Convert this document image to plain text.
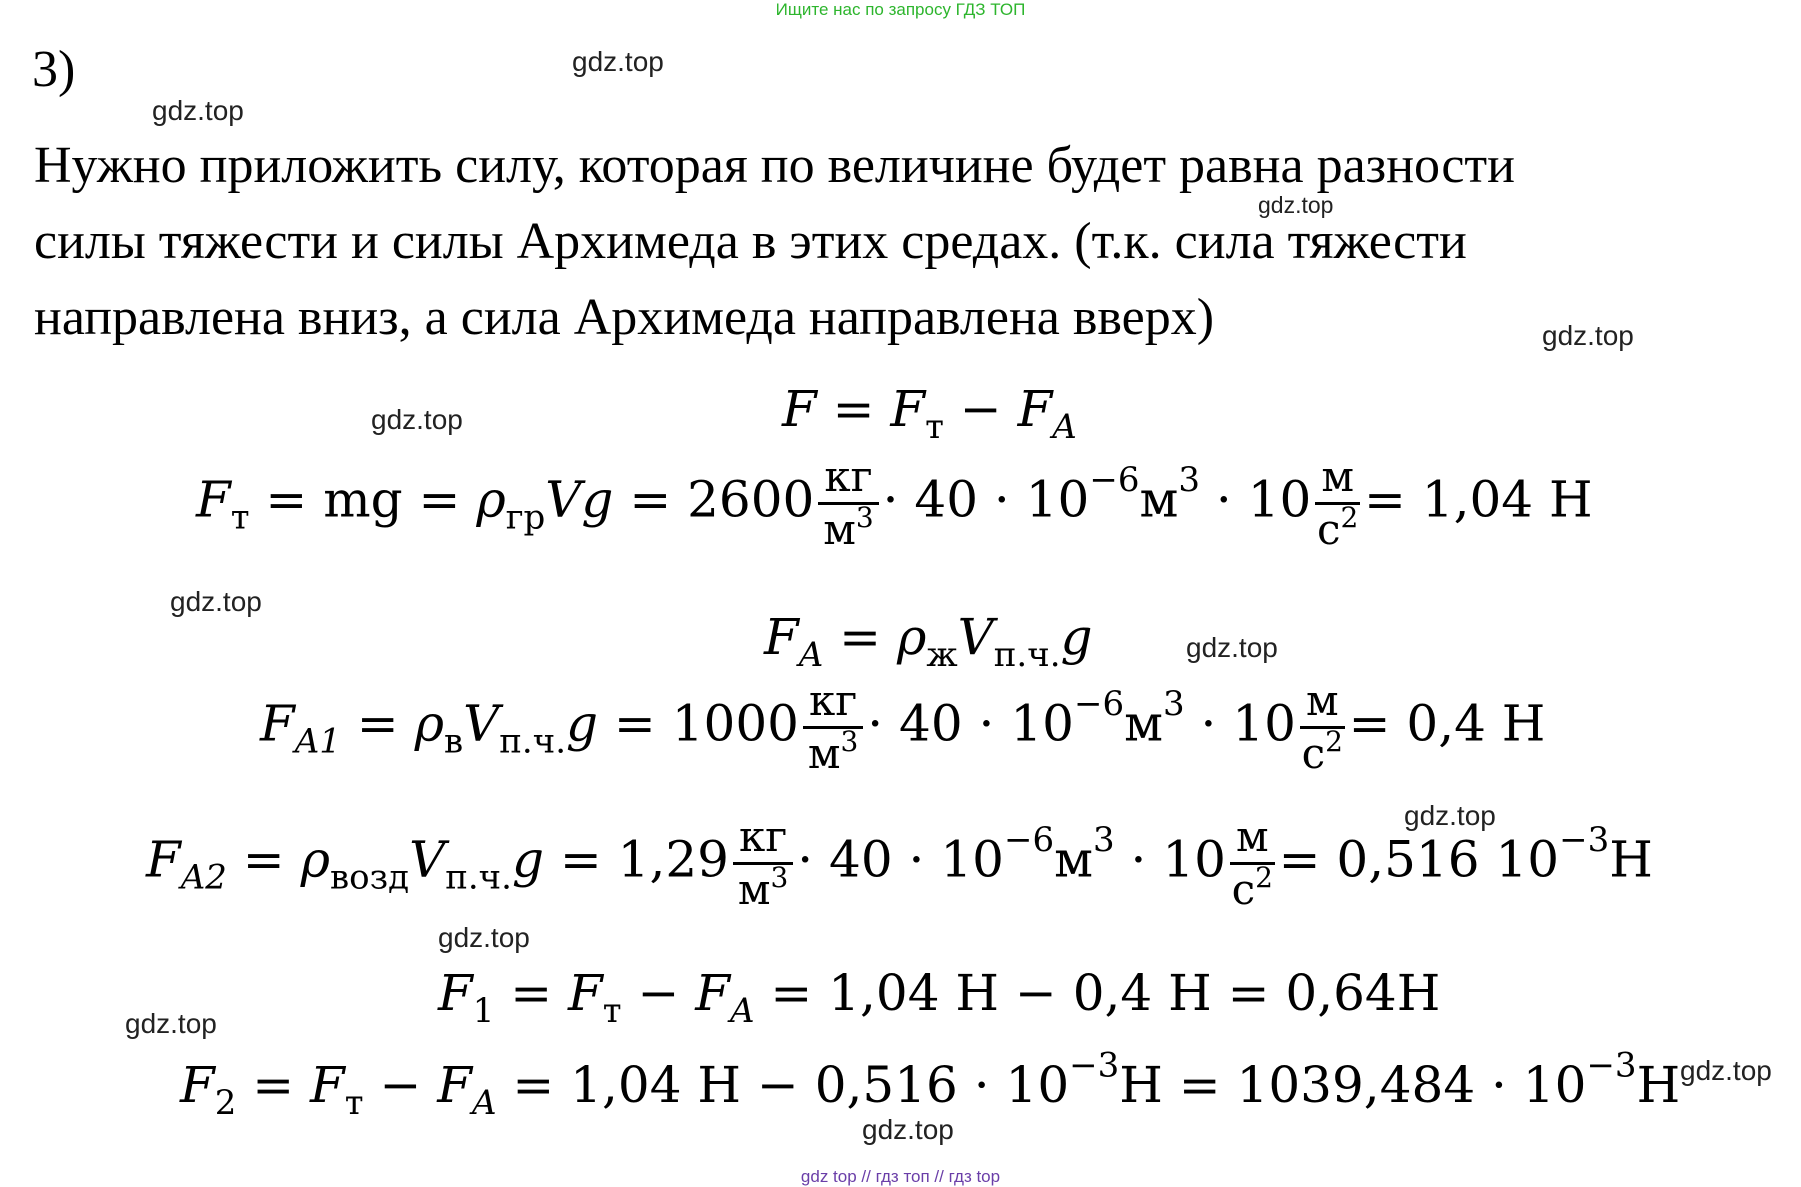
Ищите нас по запросу ГДЗ ТОП
3)
Нужно приложить силу, которая по величине будет равна разности
силы тяжести и силы Архимеда в этих средах. (т.к. сила тяжести
направлена вниз, а сила Архимеда направлена вверх)
$F = F_т - F_A$
$F_т$ = mg = $\rho_{гр}Vg = 2600 \frac{кг}{м^3} \cdot 40 \cdot 10^{-6}м^3 \cdot 10 \frac{м}{с^2} = 1,04$ Н
$F_A = \rho_жV_{п.ч.}g$
$F_{A1} = \rho_вV_{п.ч.}g = 1000 \frac{кг}{м^3} \cdot 40 \cdot 10^{-6}м^3 \cdot 10 \frac{м}{с^2} = 0,4$ Н
$F_{A2} = \rho_{возд}V_{п.ч.}g = 1,29 \frac{кг}{м^3} \cdot 40 \cdot 10^{-6}м^3 \cdot 10 \frac{м}{с^2} = 0,516$ $10^{-3}Н$
$F_1 = F_т - F_A = 1,04$ Н − 0,4 Н = 0,64Н
$F_2 = F_т - F_A = 1,04$ $Н - 0,516 \cdot 10^{-3}Н = 1039,484 \cdot 10^{-3}Н$
gdz.top
gdz.top
gdz.top
gdz.top
gdz.top
gdz.top
gdz.top
gdz.top
gdz.top
gdz.top
gdz.top
gdz.top
gdz top // гдз топ // гдз top
